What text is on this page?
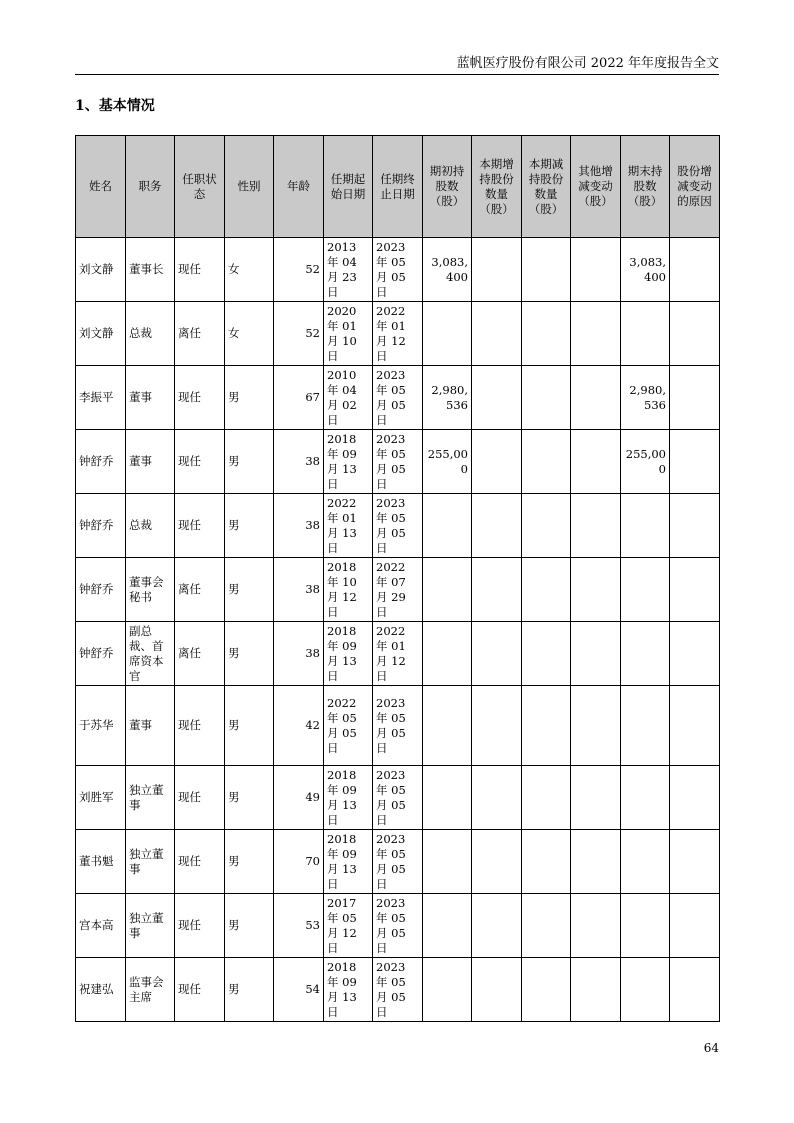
蓝帆医疗股份有限公司 2022 年年度报告全文
1、基本情况
姓名	职务	任职状态	性别	年龄	任期起始日期	任期终止日期	期初持股数（股）	本期增持股份数量（股）	本期减持股份数量（股）	其他增减变动（股）	期末持股数（股）	股份增减变动的原因
刘文静	董事长	现任	女	52	2013 年 04 月 23 日	2023 年 05 月 05 日	3,083,400				3,083,400	
刘文静	总裁	离任	女	52	2020 年 01 月 10 日	2022 年 01 月 12 日						
李振平	董事	现任	男	67	2010 年 04 月 02 日	2023 年 05 月 05 日	2,980,536				2,980,536	
钟舒乔	董事	现任	男	38	2018 年 09 月 13 日	2023 年 05 月 05 日	255,000				255,000	
钟舒乔	总裁	现任	男	38	2022 年 01 月 13 日	2023 年 05 月 05 日						
钟舒乔	董事会秘书	离任	男	38	2018 年 10 月 12 日	2022 年 07 月 29 日						
钟舒乔	副总裁、首席资本官	离任	男	38	2018 年 09 月 13 日	2022 年 01 月 12 日						
于苏华	董事	现任	男	42	2022 年 05 月 05 日	2023 年 05 月 05 日						
刘胜军	独立董事	现任	男	49	2018 年 09 月 13 日	2023 年 05 月 05 日						
董书魁	独立董事	现任	男	70	2018 年 09 月 13 日	2023 年 05 月 05 日						
宫本高	独立董事	现任	男	53	2017 年 05 月 12 日	2023 年 05 月 05 日						
祝建弘	监事会主席	现任	男	54	2018 年 09 月 13 日	2023 年 05 月 05 日						
64
